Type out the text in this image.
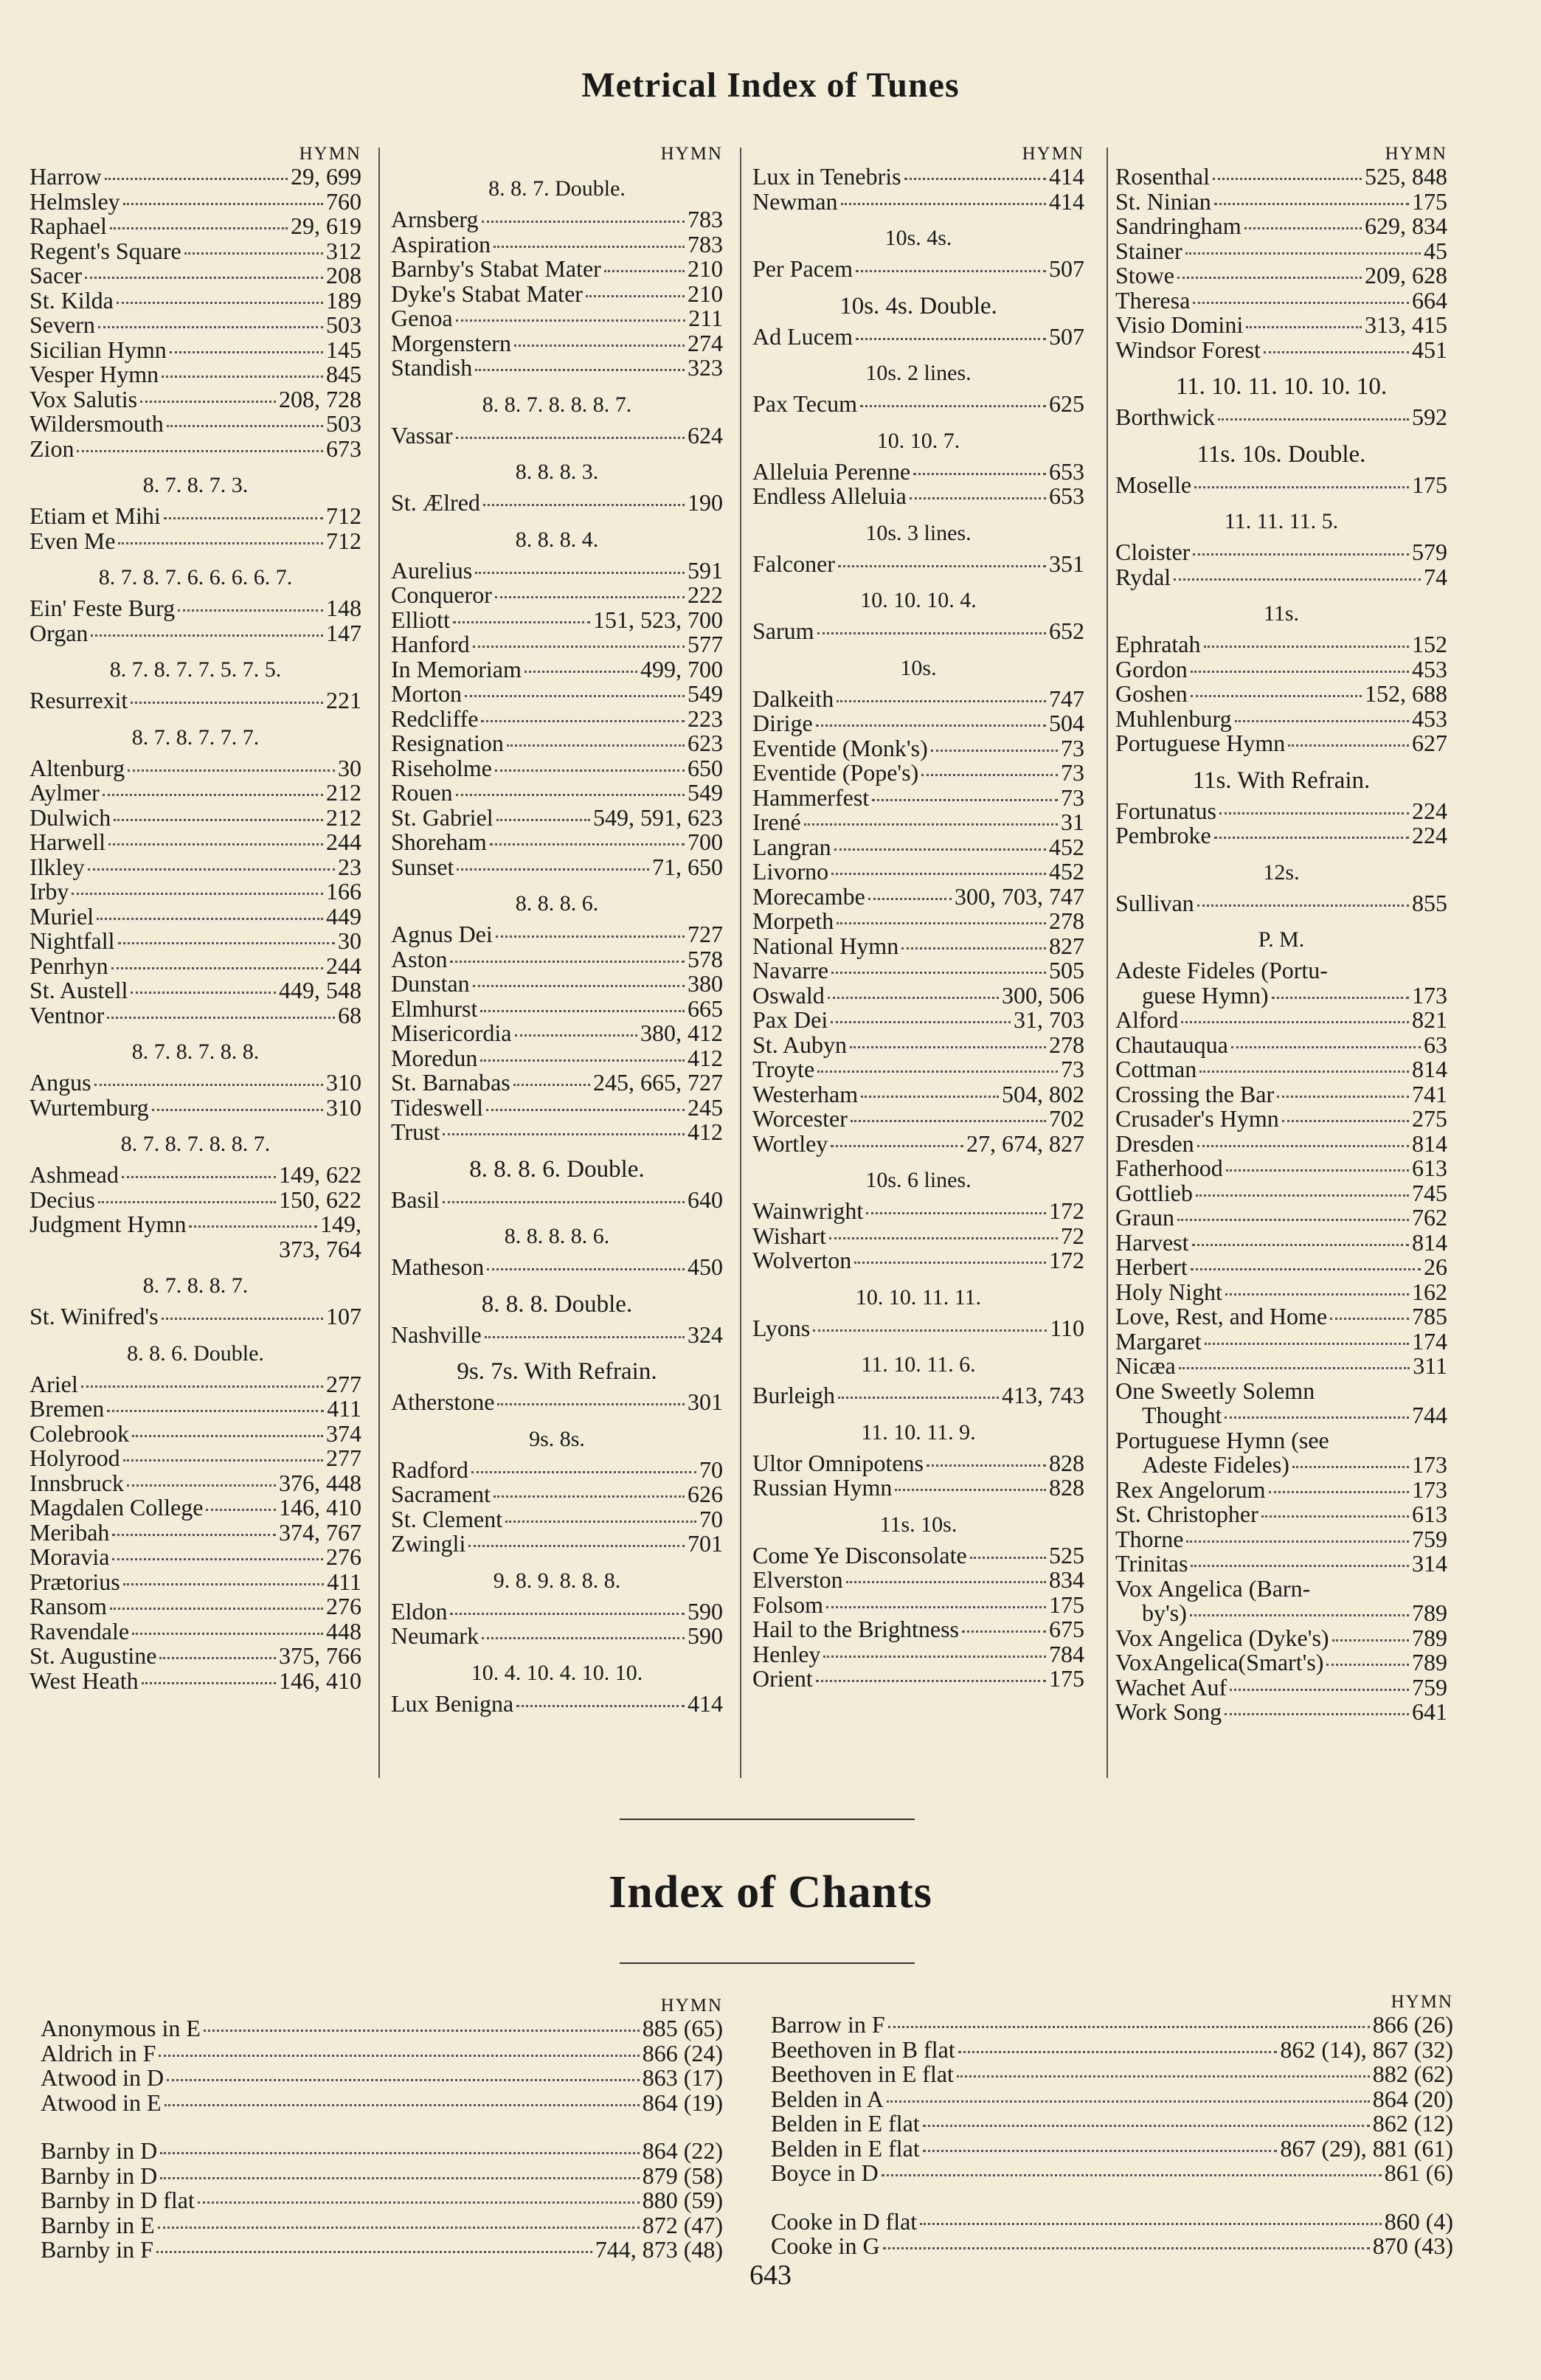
Metrical Index of Tunes
HYMN
Harrow	29, 699
Helmsley	760
Raphael	29, 619
Regent's Square	312
Sacer	208
St. Kilda	189
Severn	503
Sicilian Hymn	145
Vesper Hymn	845
Vox Salutis	208, 728
Wildersmouth	503
Zion	673
8. 7. 8. 7. 3.
Etiam et Mihi	712
Even Me	712
8. 7. 8. 7. 6. 6. 6. 6. 7.
Ein' Feste Burg	148
Organ	147
8. 7. 8. 7. 7. 5. 7. 5.
Resurrexit	221
8. 7. 8. 7. 7. 7.
Altenburg	30
Aylmer	212
Dulwich	212
Harwell	244
Ilkley	23
Irby	166
Muriel	449
Nightfall	30
Penrhyn	244
St. Austell	449, 548
Ventnor	68
8. 7. 8. 7. 8. 8.
Angus	310
Wurtemburg	310
8. 7. 8. 7. 8. 8. 7.
Ashmead	149, 622
Decius	150, 622
Judgment Hymn	149,
373, 764
8. 7. 8. 8. 7.
St. Winifred's	107
8. 8. 6. Double.
Ariel	277
Bremen	411
Colebrook	374
Holyrood	277
Innsbruck	376, 448
Magdalen College	146, 410
Meribah	374, 767
Moravia	276
Prætorius	411
Ransom	276
Ravendale	448
St. Augustine	375, 766
West Heath	146, 410
HYMN
8. 8. 7. Double.
Arnsberg	783
Aspiration	783
Barnby's Stabat Mater	210
Dyke's Stabat Mater	210
Genoa	211
Morgenstern	274
Standish	323
8. 8. 7. 8. 8. 8. 7.
Vassar	624
8. 8. 8. 3.
St. Ælred	190
8. 8. 8. 4.
Aurelius	591
Conqueror	222
Elliott	151, 523, 700
Hanford	577
In Memoriam	499, 700
Morton	549
Redcliffe	223
Resignation	623
Riseholme	650
Rouen	549
St. Gabriel	549, 591, 623
Shoreham	700
Sunset	71, 650
8. 8. 8. 6.
Agnus Dei	727
Aston	578
Dunstan	380
Elmhurst	665
Misericordia	380, 412
Moredun	412
St. Barnabas	245, 665, 727
Tideswell	245
Trust	412
8. 8. 8. 6. Double.
Basil	640
8. 8. 8. 8. 6.
Matheson	450
8. 8. 8. Double.
Nashville	324
9s. 7s. With Refrain.
Atherstone	301
9s. 8s.
Radford	70
Sacrament	626
St. Clement	70
Zwingli	701
9. 8. 9. 8. 8. 8.
Eldon	590
Neumark	590
10. 4. 10. 4. 10. 10.
Lux Benigna	414
HYMN
Lux in Tenebris	414
Newman	414
10s. 4s.
Per Pacem	507
10s. 4s. Double.
Ad Lucem	507
10s. 2 lines.
Pax Tecum	625
10. 10. 7.
Alleluia Perenne	653
Endless Alleluia	653
10s. 3 lines.
Falconer	351
10. 10. 10. 4.
Sarum	652
10s.
Dalkeith	747
Dirige	504
Eventide (Monk's)	73
Eventide (Pope's)	73
Hammerfest	73
Irené	31
Langran	452
Livorno	452
Morecambe	300, 703, 747
Morpeth	278
National Hymn	827
Navarre	505
Oswald	300, 506
Pax Dei	31, 703
St. Aubyn	278
Troyte	73
Westerham	504, 802
Worcester	702
Wortley	27, 674, 827
10s. 6 lines.
Wainwright	172
Wishart	72
Wolverton	172
10. 10. 11. 11.
Lyons	110
11. 10. 11. 6.
Burleigh	413, 743
11. 10. 11. 9.
Ultor Omnipotens	828
Russian Hymn	828
11s. 10s.
Come Ye Disconsolate	525
Elverston	834
Folsom	175
Hail to the Brightness	675
Henley	784
Orient	175
HYMN
Rosenthal	525, 848
St. Ninian	175
Sandringham	629, 834
Stainer	45
Stowe	209, 628
Theresa	664
Visio Domini	313, 415
Windsor Forest	451
11. 10. 11. 10. 10. 10.
Borthwick	592
11s. 10s. Double.
Moselle	175
11. 11. 11. 5.
Cloister	579
Rydal	74
11s.
Ephratah	152
Gordon	453
Goshen	152, 688
Muhlenburg	453
Portuguese Hymn	627
11s. With Refrain.
Fortunatus	224
Pembroke	224
12s.
Sullivan	855
P. M.
Adeste Fideles (Portu-
guese Hymn)	173
Alford	821
Chautauqua	63
Cottman	814
Crossing the Bar	741
Crusader's Hymn	275
Dresden	814
Fatherhood	613
Gottlieb	745
Graun	762
Harvest	814
Herbert	26
Holy Night	162
Love, Rest, and Home	785
Margaret	174
Nicæa	311
One Sweetly Solemn
Thought	744
Portuguese Hymn (see
Adeste Fideles)	173
Rex Angelorum	173
St. Christopher	613
Thorne	759
Trinitas	314
Vox Angelica (Barn-
by's)	789
Vox Angelica (Dyke's)	789
VoxAngelica(Smart's)	789
Wachet Auf	759
Work Song	641
Index of Chants
HYMN
Anonymous in E	885 (65)
Aldrich in F	866 (24)
Atwood in D	863 (17)
Atwood in E	864 (19)
Barnby in D	864 (22)
Barnby in D	879 (58)
Barnby in D flat	880 (59)
Barnby in E	872 (47)
Barnby in F	744, 873 (48)
HYMN
Barrow in F	866 (26)
Beethoven in B flat	862 (14), 867 (32)
Beethoven in E flat	882 (62)
Belden in A	864 (20)
Belden in E flat	862 (12)
Belden in E flat	867 (29), 881 (61)
Boyce in D	861 (6)
Cooke in D flat	860 (4)
Cooke in G	870 (43)
643
